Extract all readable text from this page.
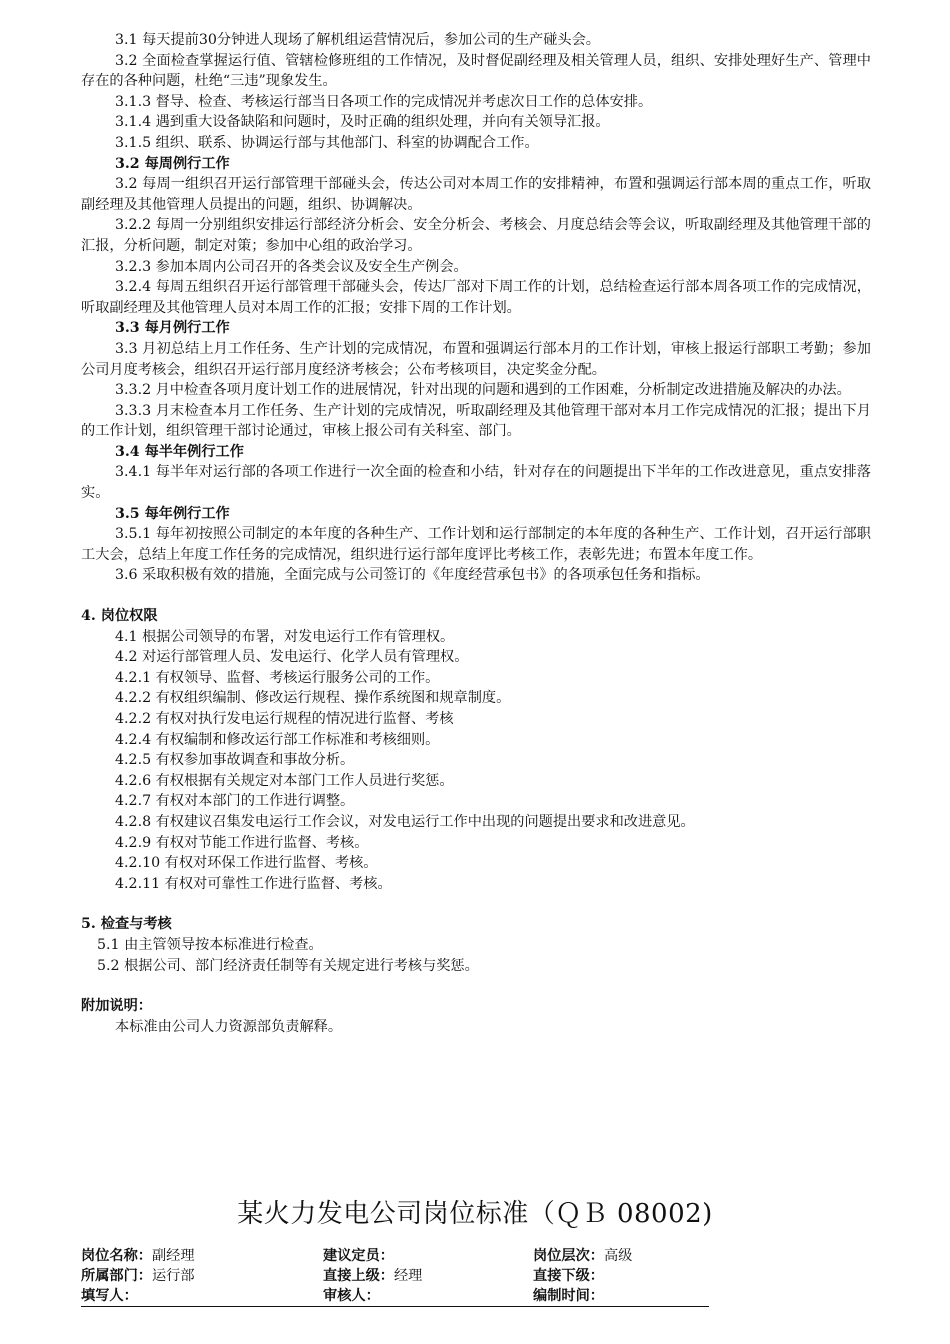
3.1 每天提前30分钟进人现场了解机组运营情况后，参加公司的生产碰头会。

3.2 全面检查掌握运行值、管辖检修班组的工作情况，及时督促副经理及相关管理人员，组织、安排处理好生产、管理中存在的各种问题，杜绝“三违”现象发生。

3.1.3 督导、检查、考核运行部当日各项工作的完成情况并考虑次日工作的总体安排。

3.1.4 遇到重大设备缺陷和问题时，及时正确的组织处理，并向有关领导汇报。

3.1.5 组织、联系、协调运行部与其他部门、科室的协调配合工作。

3.2 每周例行工作

3.2 每周一组织召开运行部管理干部碰头会，传达公司对本周工作的安排精神，布置和强调运行部本周的重点工作，听取副经理及其他管理人员提出的问题，组织、协调解决。

3.2.2 每周一分别组织安排运行部经济分析会、安全分析会、考核会、月度总结会等会议，听取副经理及其他管理干部的汇报，分析问题，制定对策；参加中心组的政治学习。

3.2.3 参加本周内公司召开的各类会议及安全生产例会。

3.2.4 每周五组织召开运行部管理干部碰头会，传达厂部对下周工作的计划，总结检查运行部本周各项工作的完成情况，听取副经理及其他管理人员对本周工作的汇报；安排下周的工作计划。

3.3 每月例行工作

3.3 月初总结上月工作任务、生产计划的完成情况，布置和强调运行部本月的工作计划，审核上报运行部职工考勤；参加公司月度考核会，组织召开运行部月度经济考核会；公布考核项目，决定奖金分配。

3.3.2 月中检查各项月度计划工作的进展情况，针对出现的问题和遇到的工作困难，分析制定改进措施及解决的办法。

3.3.3 月末检查本月工作任务、生产计划的完成情况，听取副经理及其他管理干部对本月工作完成情况的汇报；提出下月的工作计划，组织管理干部讨论通过，审核上报公司有关科室、部门。

3.4 每半年例行工作

3.4.1 每半年对运行部的各项工作进行一次全面的检查和小结，针对存在的问题提出下半年的工作改进意见，重点安排落实。

3.5 每年例行工作

3.5.1 每年初按照公司制定的本年度的各种生产、工作计划和运行部制定的本年度的各种生产、工作计划，召开运行部职工大会，总结上年度工作任务的完成情况，组织进行运行部年度评比考核工作，表彰先进；布置本年度工作。

3.6 采取积极有效的措施，全面完成与公司签订的《年度经营承包书》的各项承包任务和指标。

4. 岗位权限

4.1 根据公司领导的布署，对发电运行工作有管理权。

4.2 对运行部管理人员、发电运行、化学人员有管理权。

4.2.1 有权领导、监督、考核运行服务公司的工作。

4.2.2 有权组织编制、修改运行规程、操作系统图和规章制度。

4.2.2 有权对执行发电运行规程的情况进行监督、考核

4.2.4 有权编制和修改运行部工作标准和考核细则。

4.2.5 有权参加事故调查和事故分析。

4.2.6 有权根据有关规定对本部门工作人员进行奖惩。

4.2.7 有权对本部门的工作进行调整。

4.2.8 有权建议召集发电运行工作会议，对发电运行工作中出现的问题提出要求和改进意见。

4.2.9 有权对节能工作进行监督、考核。

4.2.10 有权对环保工作进行监督、考核。

4.2.11 有权对可靠性工作进行监督、考核。

5. 检查与考核

5.1 由主管领导按本标准进行检查。

5.2 根据公司、部门经济责任制等有关规定进行考核与奖惩。

附加说明：

本标准由公司人力资源部负责解释。

某火力发电公司岗位标准（ＱＢ 08002)
岗位名称：副经理	建议定员：	岗位层次：高级
所属部门：运行部	直接上级：经理	直接下级：
填写人：	审核人：	编制时间：
